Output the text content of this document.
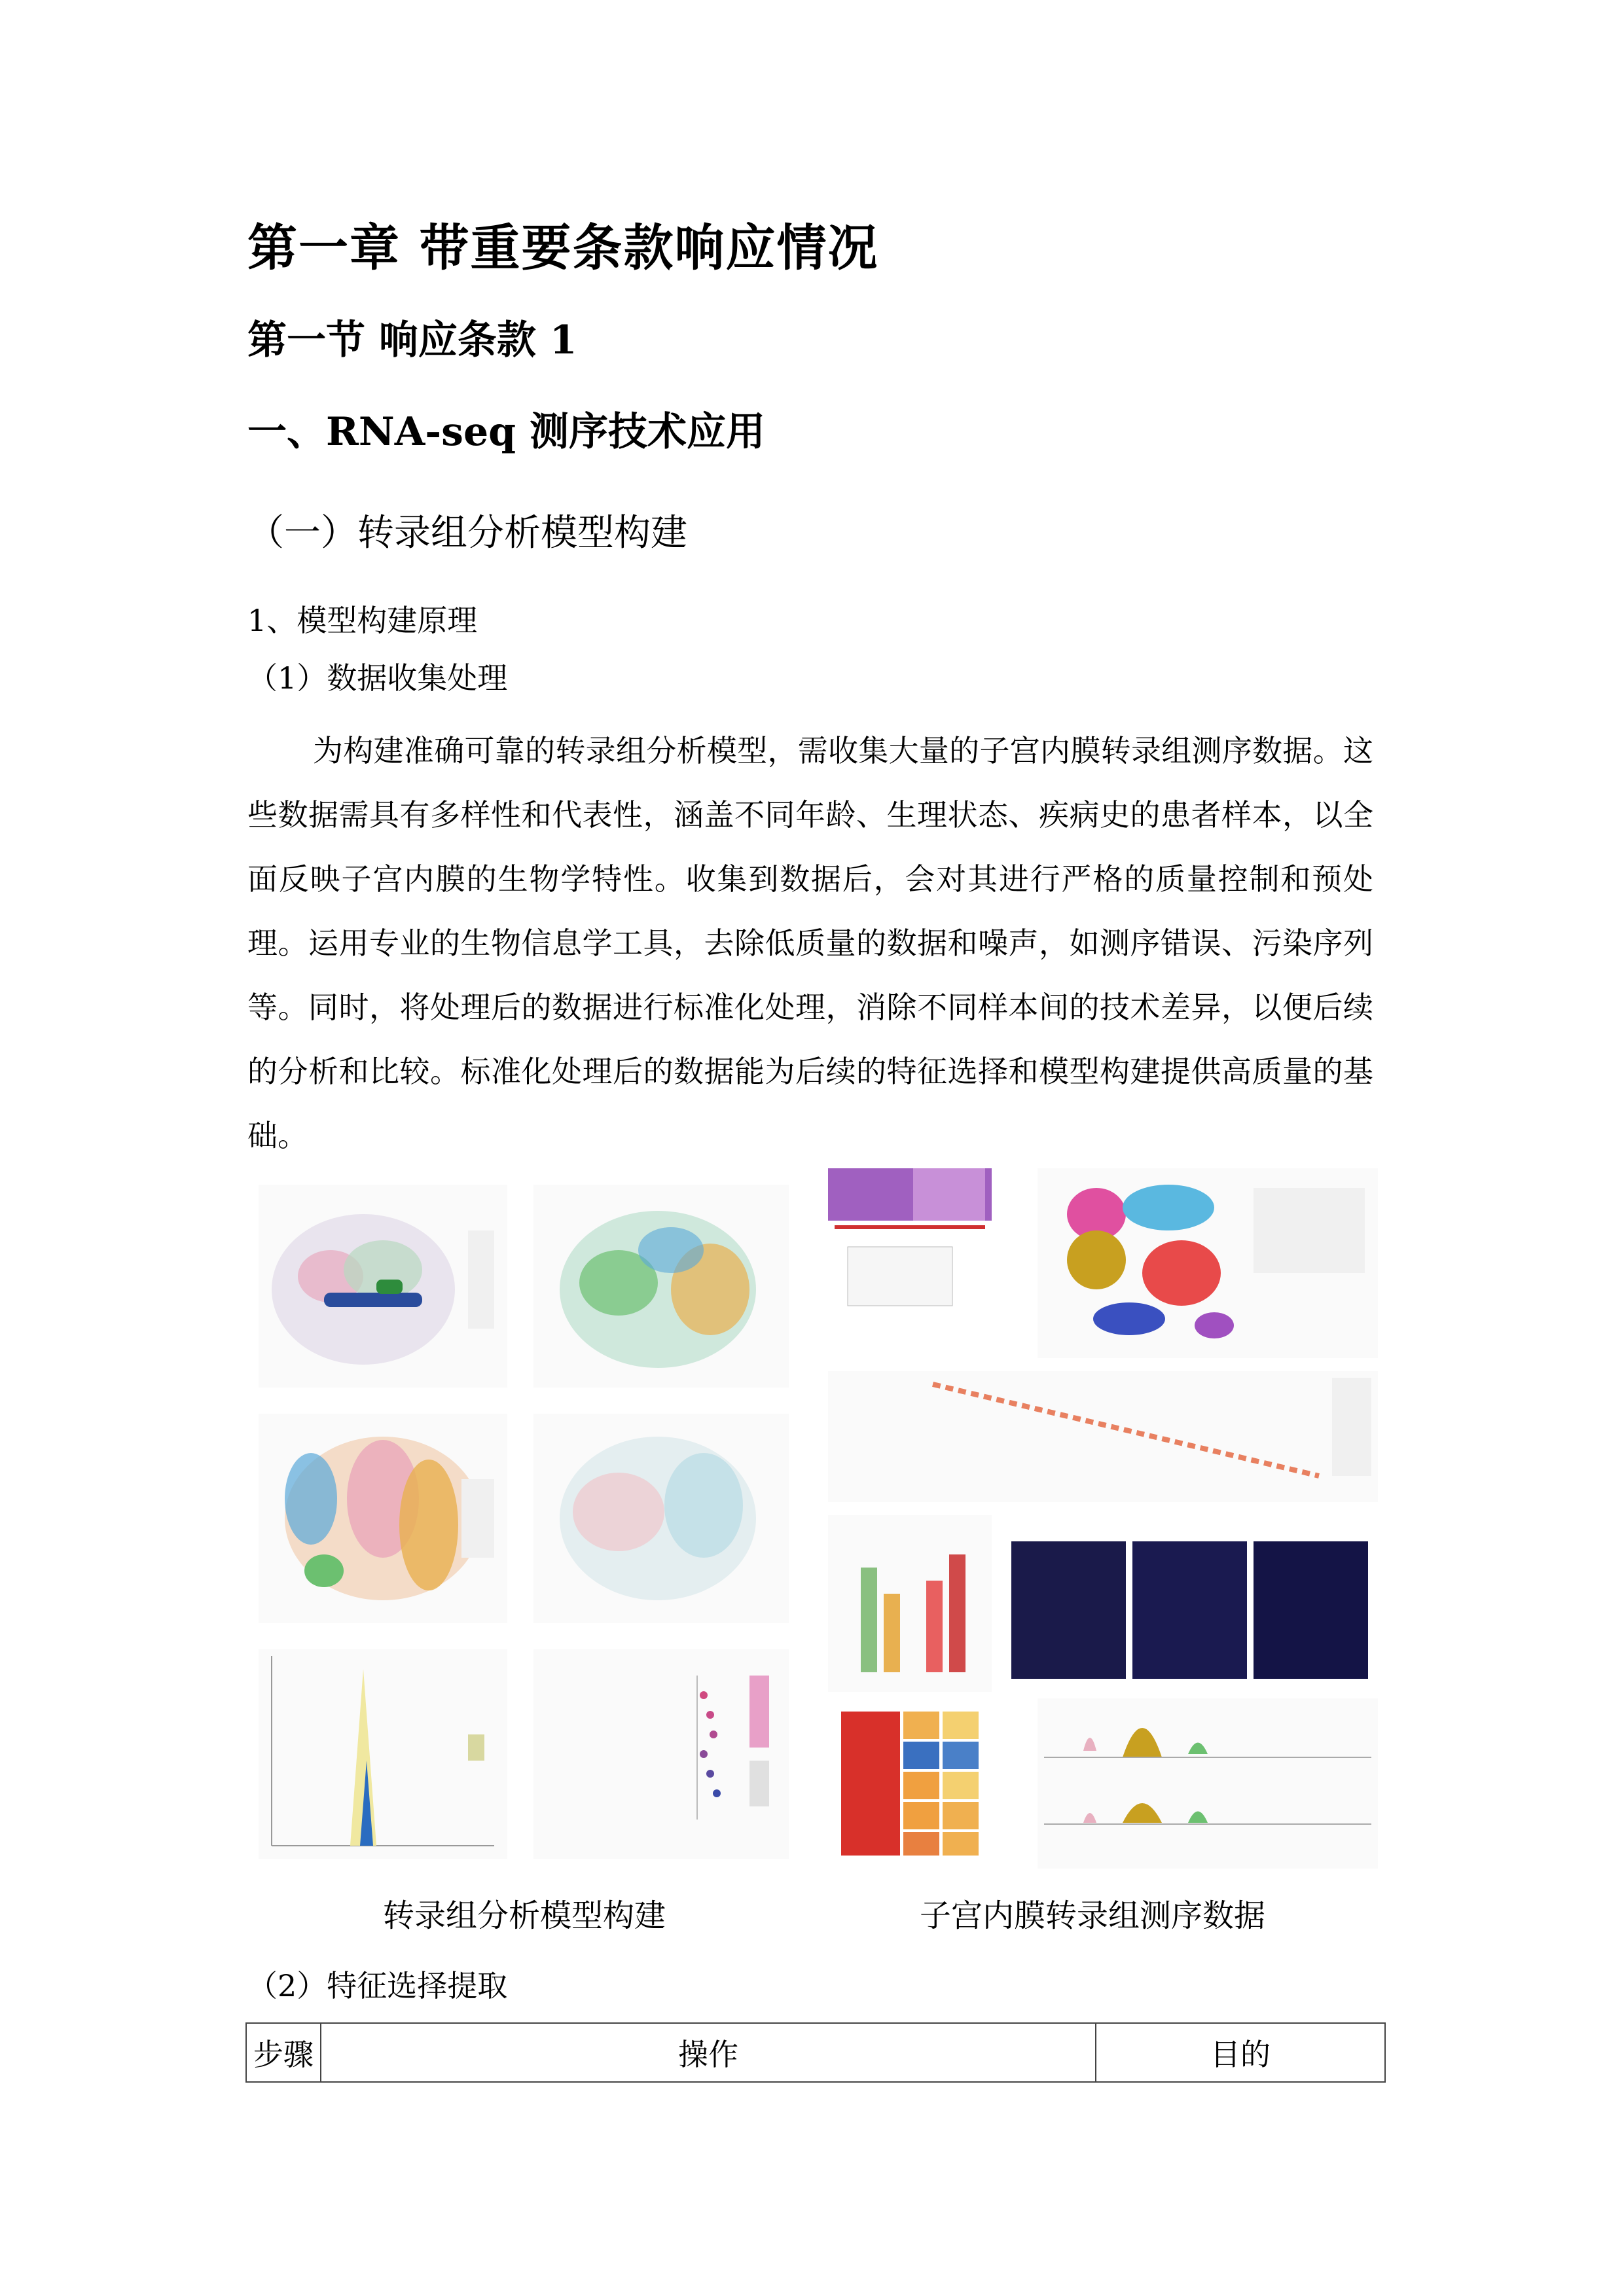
第一章 带重要条款响应情况
第一节 响应条款 1
一、RNA-seq 测序技术应用
（一）转录组分析模型构建
1、模型构建原理
（1）数据收集处理
为构建准确可靠的转录组分析模型，需收集大量的子宫内膜转录组测序数据。这些数据需具有多样性和代表性，涵盖不同年龄、生理状态、疾病史的患者样本，以全面反映子宫内膜的生物学特性。收集到数据后，会对其进行严格的质量控制和预处理。运用专业的生物信息学工具，去除低质量的数据和噪声，如测序错误、污染序列等。同时，将处理后的数据进行标准化处理，消除不同样本间的技术差异，以便后续的分析和比较。标准化处理后的数据能为后续的特征选择和模型构建提供高质量的基础。
转录组分析模型构建	子宫内膜转录组测序数据
（2）特征选择提取
步骤	操作	目的
